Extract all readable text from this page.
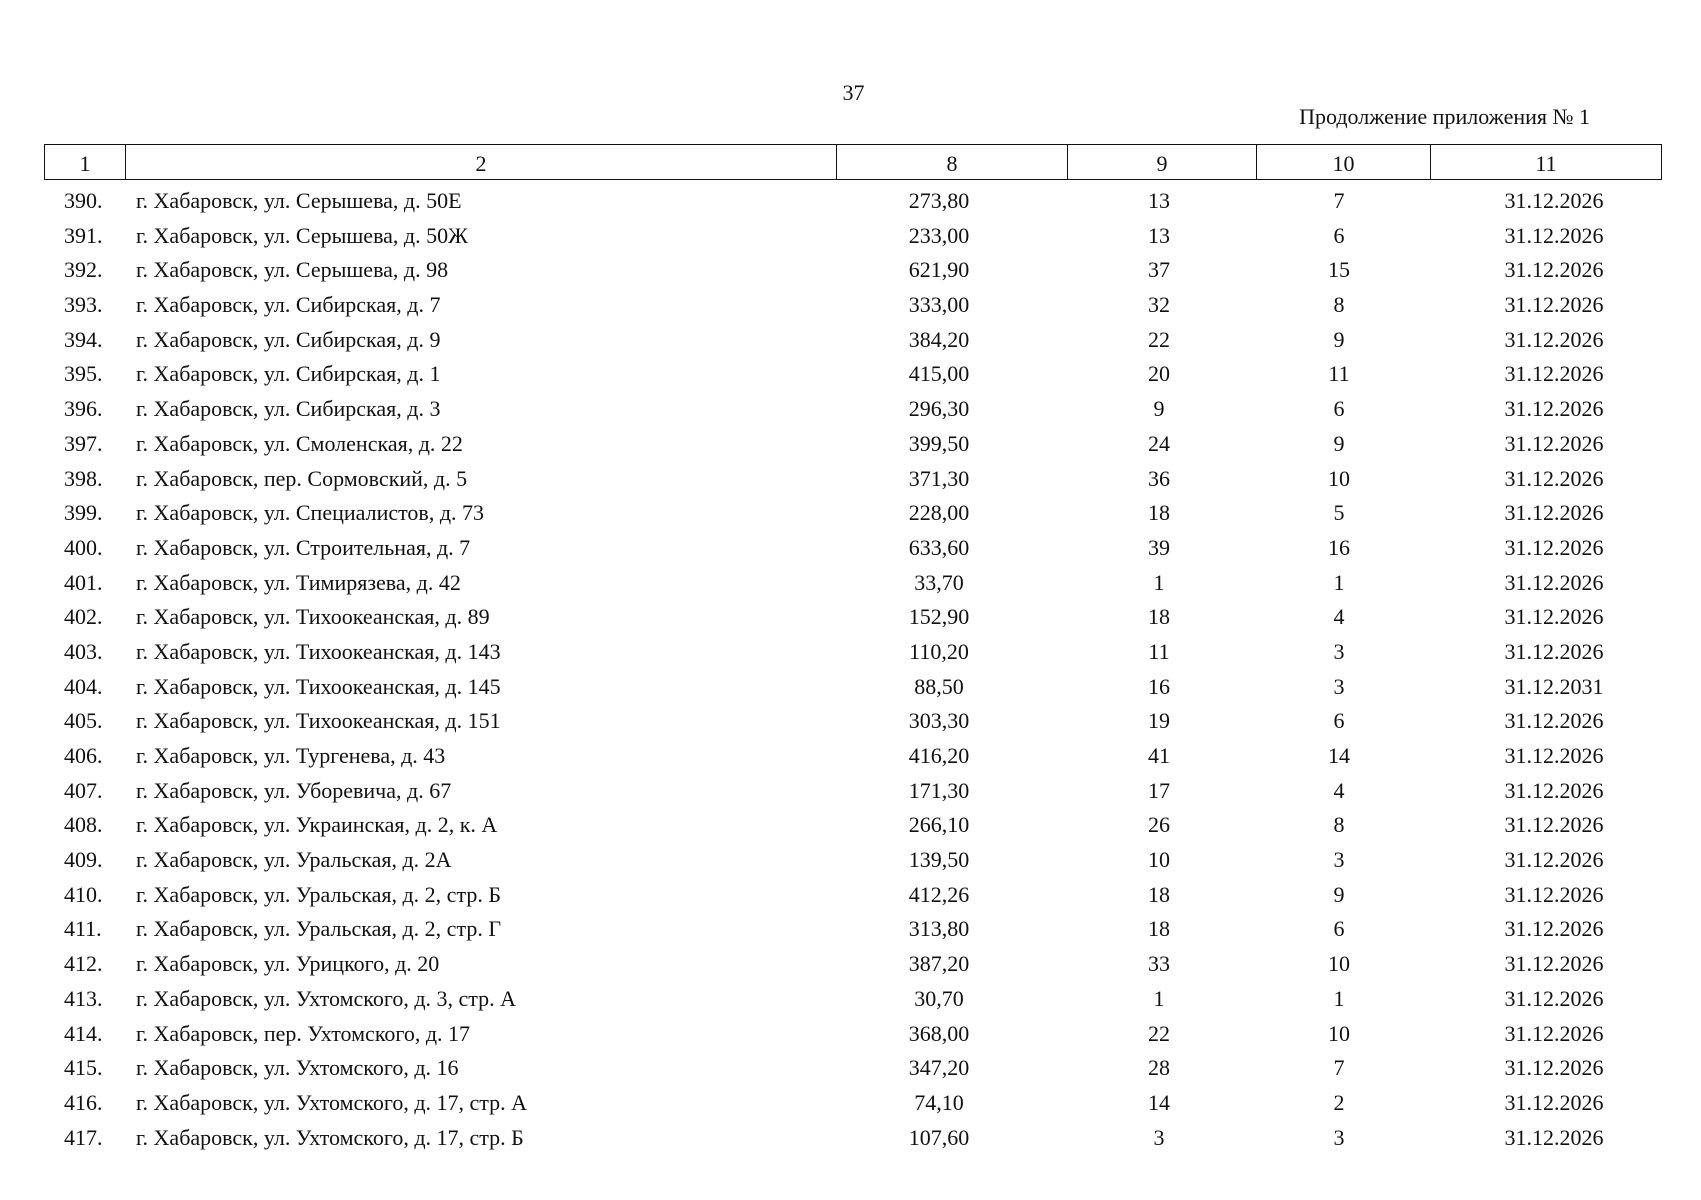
37
Продолжение приложения № 1
1	2	8	9	10	11
390.	г. Хабаровск, ул. Серышева, д. 50Е	273,80	13	7	31.12.2026
391.	г. Хабаровск, ул. Серышева, д. 50Ж	233,00	13	6	31.12.2026
392.	г. Хабаровск, ул. Серышева, д. 98	621,90	37	15	31.12.2026
393.	г. Хабаровск, ул. Сибирская, д. 7	333,00	32	8	31.12.2026
394.	г. Хабаровск, ул. Сибирская, д. 9	384,20	22	9	31.12.2026
395.	г. Хабаровск, ул. Сибирская, д. 1	415,00	20	11	31.12.2026
396.	г. Хабаровск, ул. Сибирская, д. 3	296,30	9	6	31.12.2026
397.	г. Хабаровск, ул. Смоленская, д. 22	399,50	24	9	31.12.2026
398.	г. Хабаровск, пер. Сормовский, д. 5	371,30	36	10	31.12.2026
399.	г. Хабаровск, ул. Специалистов, д. 73	228,00	18	5	31.12.2026
400.	г. Хабаровск, ул. Строительная, д. 7	633,60	39	16	31.12.2026
401.	г. Хабаровск, ул. Тимирязева, д. 42	33,70	1	1	31.12.2026
402.	г. Хабаровск, ул. Тихоокеанская, д. 89	152,90	18	4	31.12.2026
403.	г. Хабаровск, ул. Тихоокеанская, д. 143	110,20	11	3	31.12.2026
404.	г. Хабаровск, ул. Тихоокеанская, д. 145	88,50	16	3	31.12.2031
405.	г. Хабаровск, ул. Тихоокеанская, д. 151	303,30	19	6	31.12.2026
406.	г. Хабаровск, ул. Тургенева, д. 43	416,20	41	14	31.12.2026
407.	г. Хабаровск, ул. Уборевича, д. 67	171,30	17	4	31.12.2026
408.	г. Хабаровск, ул. Украинская, д. 2, к. А	266,10	26	8	31.12.2026
409.	г. Хабаровск, ул. Уральская, д. 2А	139,50	10	3	31.12.2026
410.	г. Хабаровск, ул. Уральская, д. 2, стр. Б	412,26	18	9	31.12.2026
411.	г. Хабаровск, ул. Уральская, д. 2, стр. Г	313,80	18	6	31.12.2026
412.	г. Хабаровск, ул. Урицкого, д. 20	387,20	33	10	31.12.2026
413.	г. Хабаровск, ул. Ухтомского, д. 3, стр. А	30,70	1	1	31.12.2026
414.	г. Хабаровск, пер. Ухтомского, д. 17	368,00	22	10	31.12.2026
415.	г. Хабаровск, ул. Ухтомского, д. 16	347,20	28	7	31.12.2026
416.	г. Хабаровск, ул. Ухтомского, д. 17, стр. А	74,10	14	2	31.12.2026
417.	г. Хабаровск, ул. Ухтомского, д. 17, стр. Б	107,60	3	3	31.12.2026
